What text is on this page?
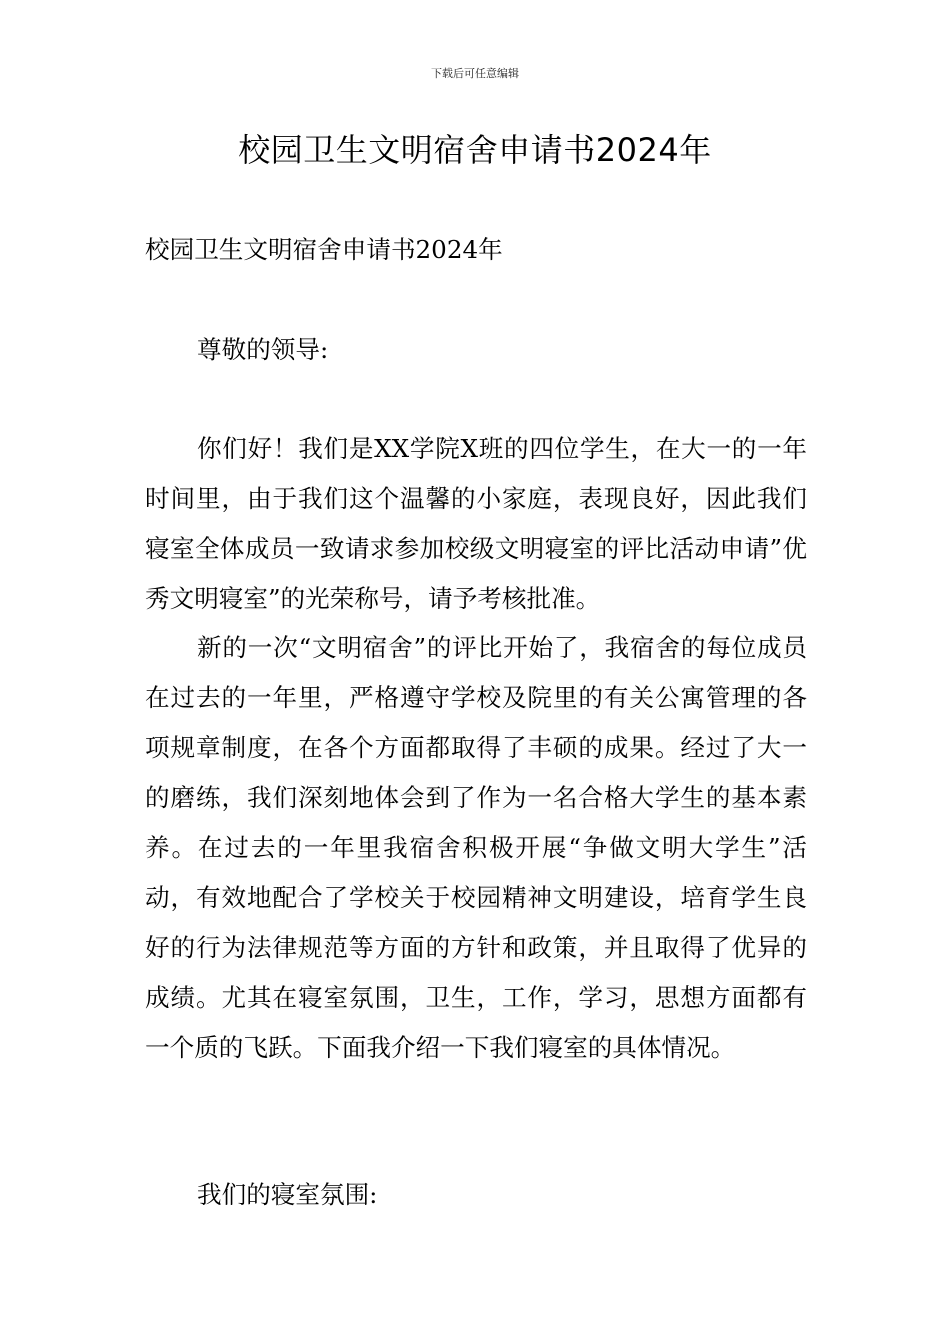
下载后可任意编辑
校园卫生文明宿舍申请书2024年

校园卫生文明宿舍申请书2024年

尊敬的领导:

你们好！我们是XX学院X班的四位学生，在大一的一年时间里，由于我们这个温馨的小家庭，表现良好，因此我们寝室全体成员一致请求参加校级文明寝室的评比活动申请”优秀文明寝室”的光荣称号，请予考核批准。

新的一次“文明宿舍”的评比开始了，我宿舍的每位成员在过去的一年里，严格遵守学校及院里的有关公寓管理的各项规章制度，在各个方面都取得了丰硕的成果。经过了大一的磨练，我们深刻地体会到了作为一名合格大学生的基本素养。在过去的一年里我宿舍积极开展“争做文明大学生”活动，有效地配合了学校关于校园精神文明建设，培育学生良好的行为法律规范等方面的方针和政策，并且取得了优异的成绩。尤其在寝室氛围，卫生，工作，学习，思想方面都有一个质的飞跃。下面我介绍一下我们寝室的具体情况。

我们的寝室氛围:
